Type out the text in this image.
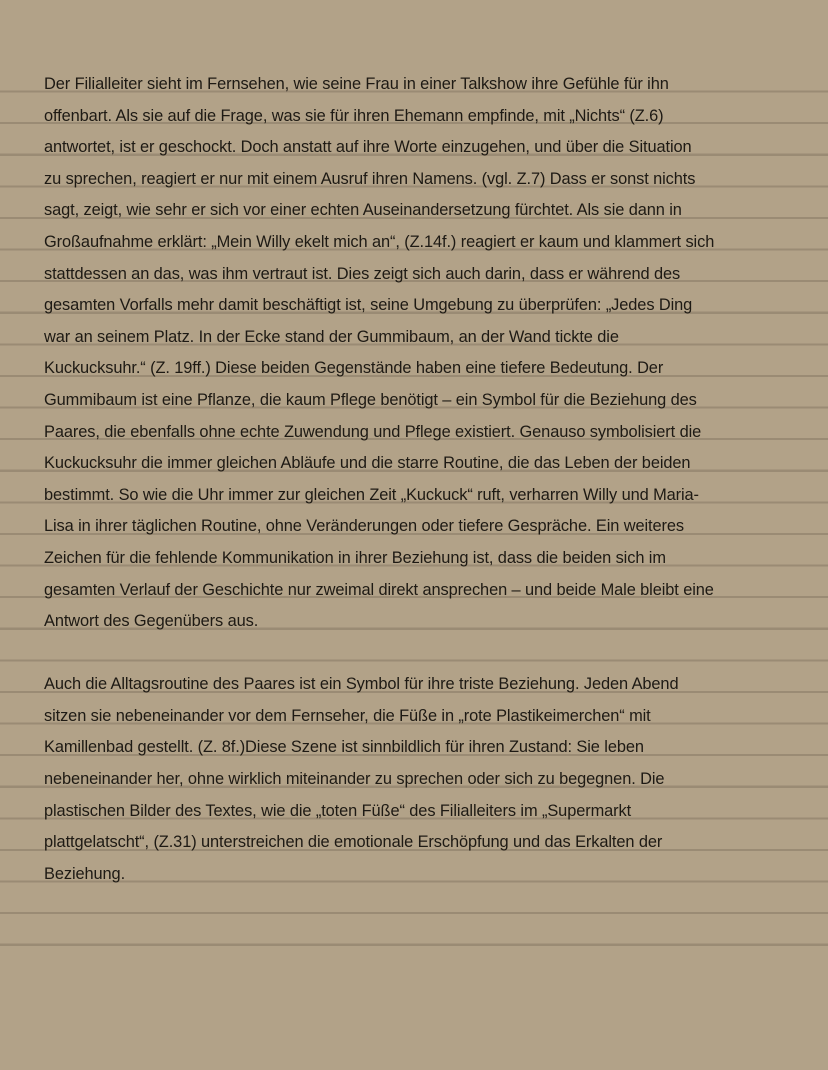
Der Filialleiter sieht im Fernsehen, wie seine Frau in einer Talkshow ihre Gefühle für ihn
offenbart. Als sie auf die Frage, was sie für ihren Ehemann empfinde, mit „Nichts“ (Z.6)
antwortet, ist er geschockt. Doch anstatt auf ihre Worte einzugehen, und über die Situation
zu sprechen, reagiert er nur mit einem Ausruf ihren Namens. (vgl. Z.7) Dass er sonst nichts
sagt, zeigt, wie sehr er sich vor einer echten Auseinandersetzung fürchtet. Als sie dann in
Großaufnahme erklärt: „Mein Willy ekelt mich an“, (Z.14f.) reagiert er kaum und klammert sich
stattdessen an das, was ihm vertraut ist. Dies zeigt sich auch darin, dass er während des
gesamten Vorfalls mehr damit beschäftigt ist, seine Umgebung zu überprüfen: „Jedes Ding
war an seinem Platz. In der Ecke stand der Gummibaum, an der Wand tickte die
Kuckucksuhr.“ (Z. 19ff.) Diese beiden Gegenstände haben eine tiefere Bedeutung. Der
Gummibaum ist eine Pflanze, die kaum Pflege benötigt – ein Symbol für die Beziehung des
Paares, die ebenfalls ohne echte Zuwendung und Pflege existiert. Genauso symbolisiert die
Kuckucksuhr die immer gleichen Abläufe und die starre Routine, die das Leben der beiden
bestimmt. So wie die Uhr immer zur gleichen Zeit „Kuckuck“ ruft, verharren Willy und Maria-
Lisa in ihrer täglichen Routine, ohne Veränderungen oder tiefere Gespräche. Ein weiteres
Zeichen für die fehlende Kommunikation in ihrer Beziehung ist, dass die beiden sich im
gesamten Verlauf der Geschichte nur zweimal direkt ansprechen – und beide Male bleibt eine
Antwort des Gegenübers aus.
Auch die Alltagsroutine des Paares ist ein Symbol für ihre triste Beziehung. Jeden Abend
sitzen sie nebeneinander vor dem Fernseher, die Füße in „rote Plastikeimerchen“ mit
Kamillenbad gestellt. (Z. 8f.)Diese Szene ist sinnbildlich für ihren Zustand: Sie leben
nebeneinander her, ohne wirklich miteinander zu sprechen oder sich zu begegnen. Die
plastischen Bilder des Textes, wie die „toten Füße“ des Filialleiters im „Supermarkt
plattgelatscht“, (Z.31) unterstreichen die emotionale Erschöpfung und das Erkalten der
Beziehung.
